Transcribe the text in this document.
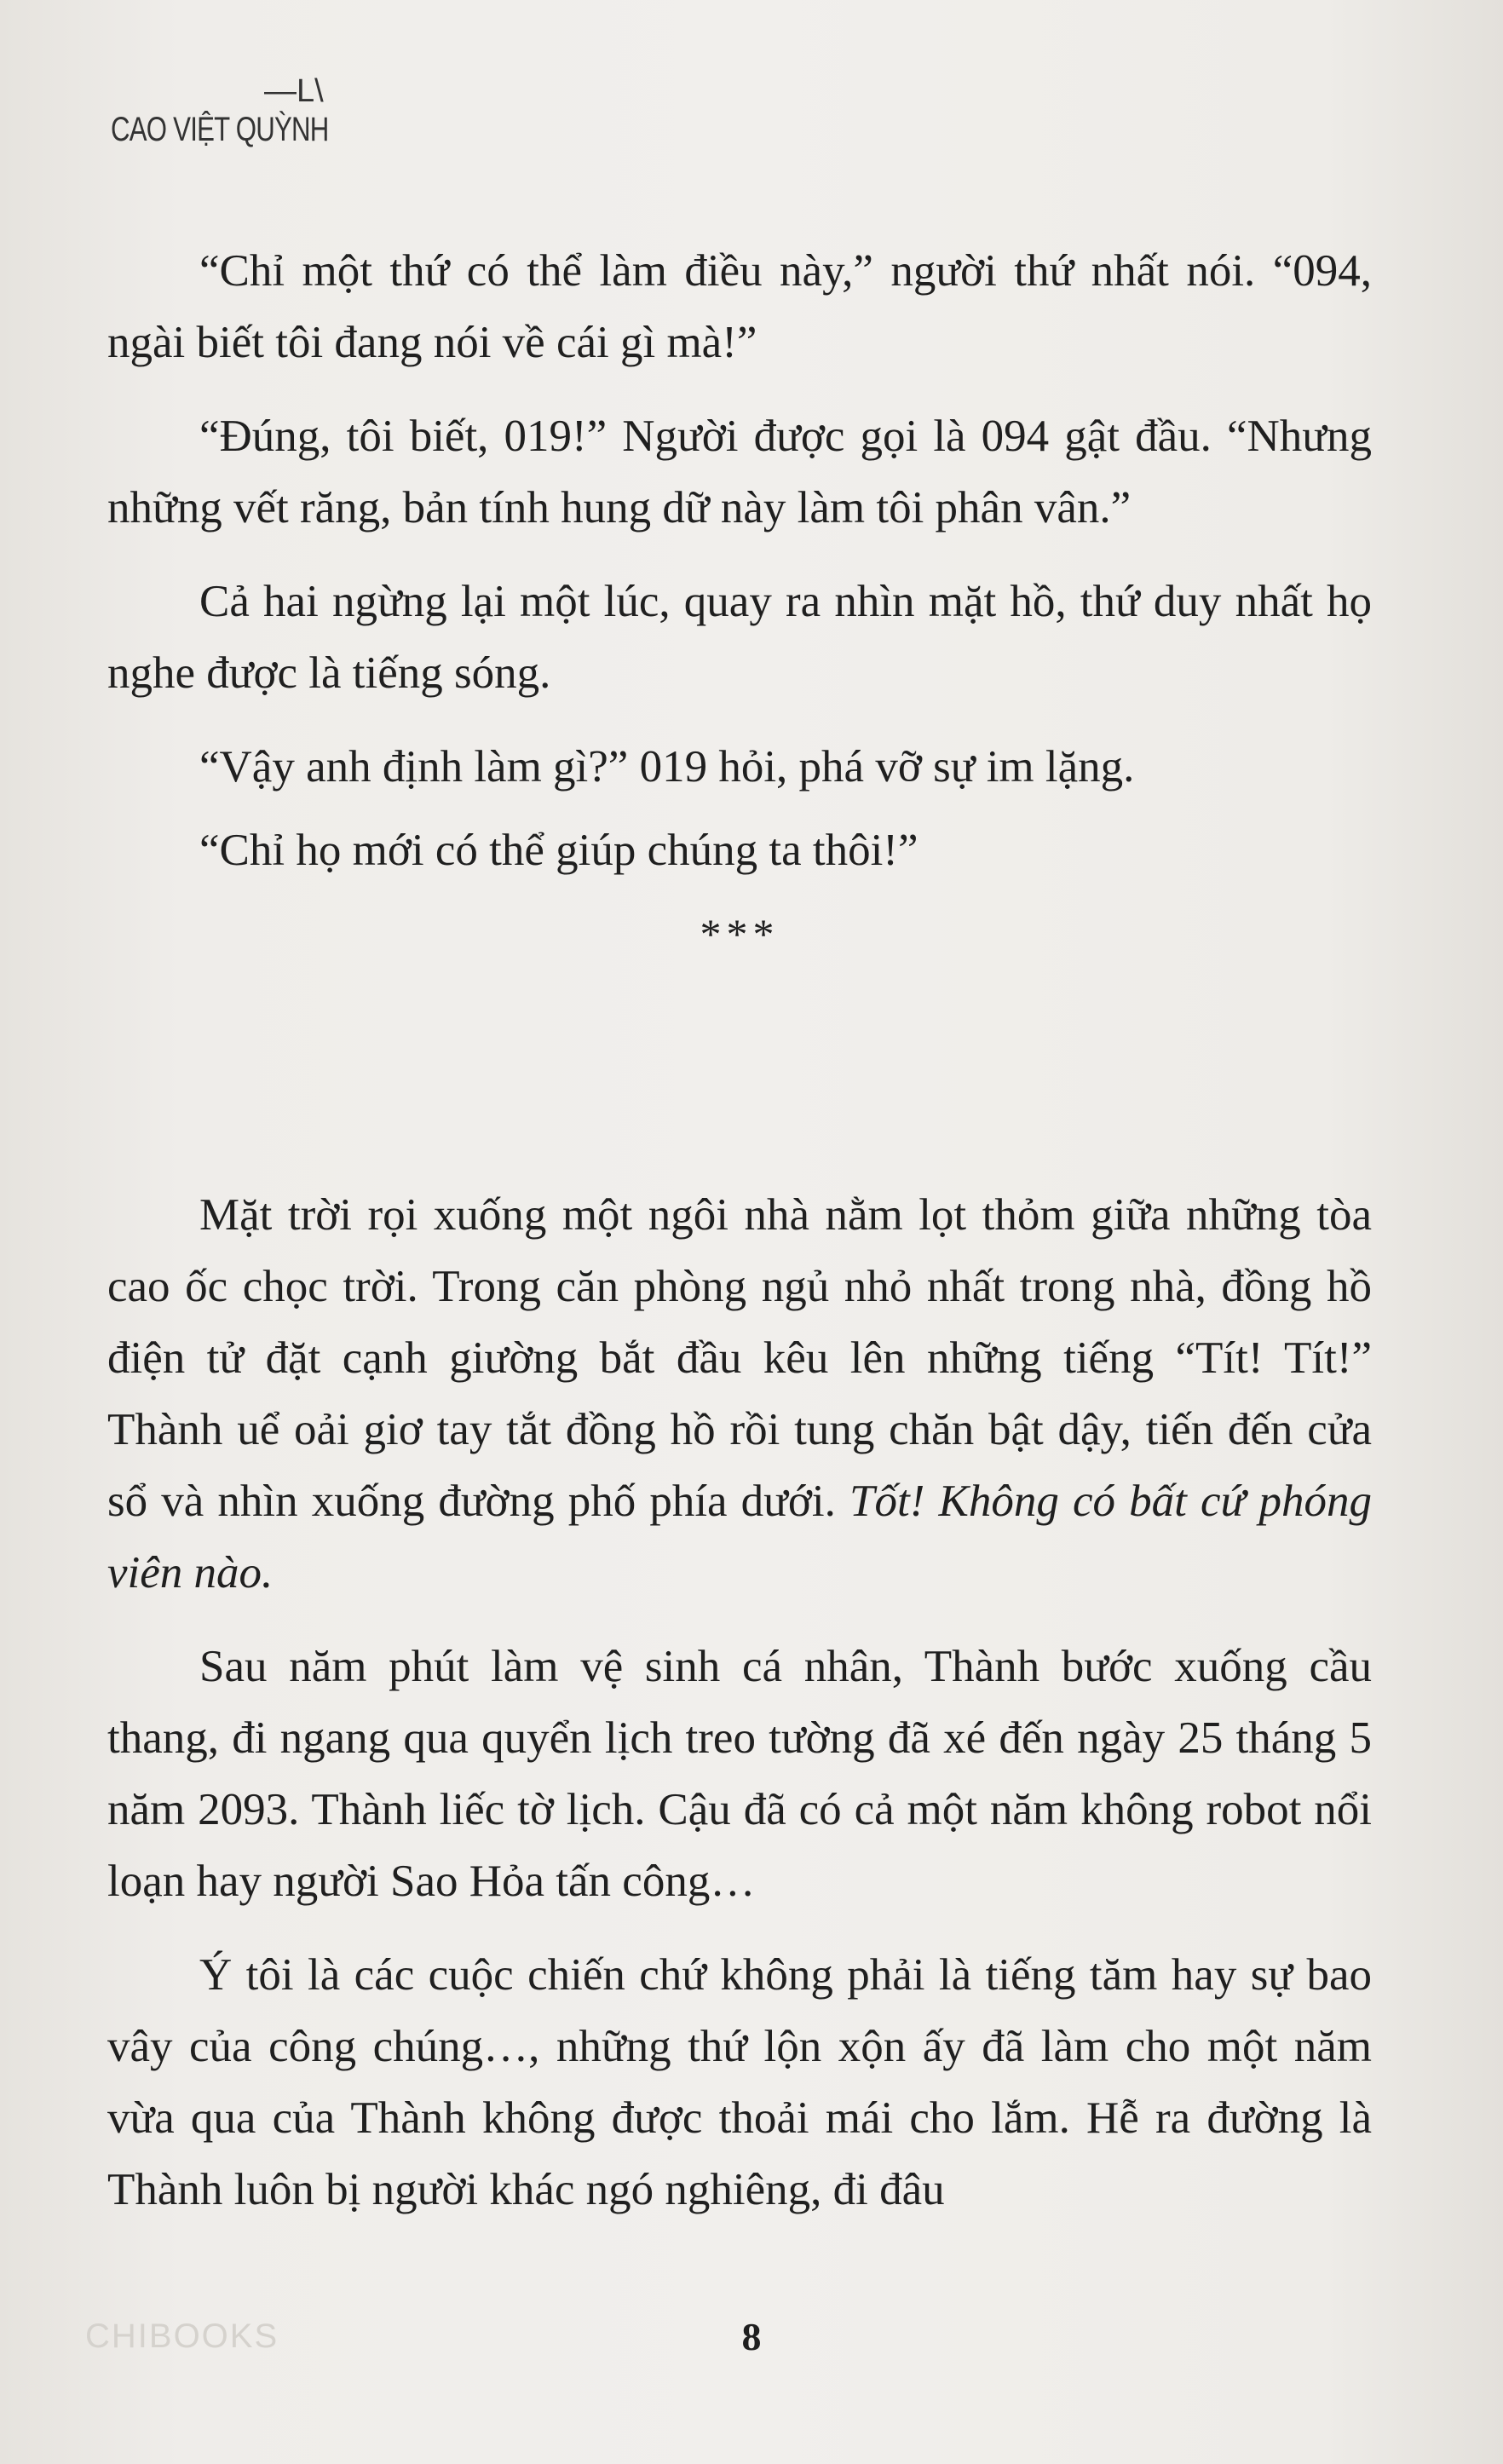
CAO VIỆT QUỲNH
—L\

“Chỉ một thứ có thể làm điều này,” người thứ nhất nói. “094, ngài biết tôi đang nói về cái gì mà!”

“Đúng, tôi biết, 019!” Người được gọi là 094 gật đầu. “Nhưng những vết răng, bản tính hung dữ này làm tôi phân vân.”

Cả hai ngừng lại một lúc, quay ra nhìn mặt hồ, thứ duy nhất họ nghe được là tiếng sóng.

“Vậy anh định làm gì?” 019 hỏi, phá vỡ sự im lặng.

“Chỉ họ mới có thể giúp chúng ta thôi!”

***

Mặt trời rọi xuống một ngôi nhà nằm lọt thỏm giữa những tòa cao ốc chọc trời. Trong căn phòng ngủ nhỏ nhất trong nhà, đồng hồ điện tử đặt cạnh giường bắt đầu kêu lên những tiếng “Tít! Tít!” Thành uể oải giơ tay tắt đồng hồ rồi tung chăn bật dậy, tiến đến cửa sổ và nhìn xuống đường phố phía dưới. Tốt! Không có bất cứ phóng viên nào.

Sau năm phút làm vệ sinh cá nhân, Thành bước xuống cầu thang, đi ngang qua quyển lịch treo tường đã xé đến ngày 25 tháng 5 năm 2093. Thành liếc tờ lịch. Cậu đã có cả một năm không robot nổi loạn hay người Sao Hỏa tấn công…

Ý tôi là các cuộc chiến chứ không phải là tiếng tăm hay sự bao vây của công chúng…, những thứ lộn xộn ấy đã làm cho một năm vừa qua của Thành không được thoải mái cho lắm. Hễ ra đường là Thành luôn bị người khác ngó nghiêng, đi đâu

CHIBOOKS	8
